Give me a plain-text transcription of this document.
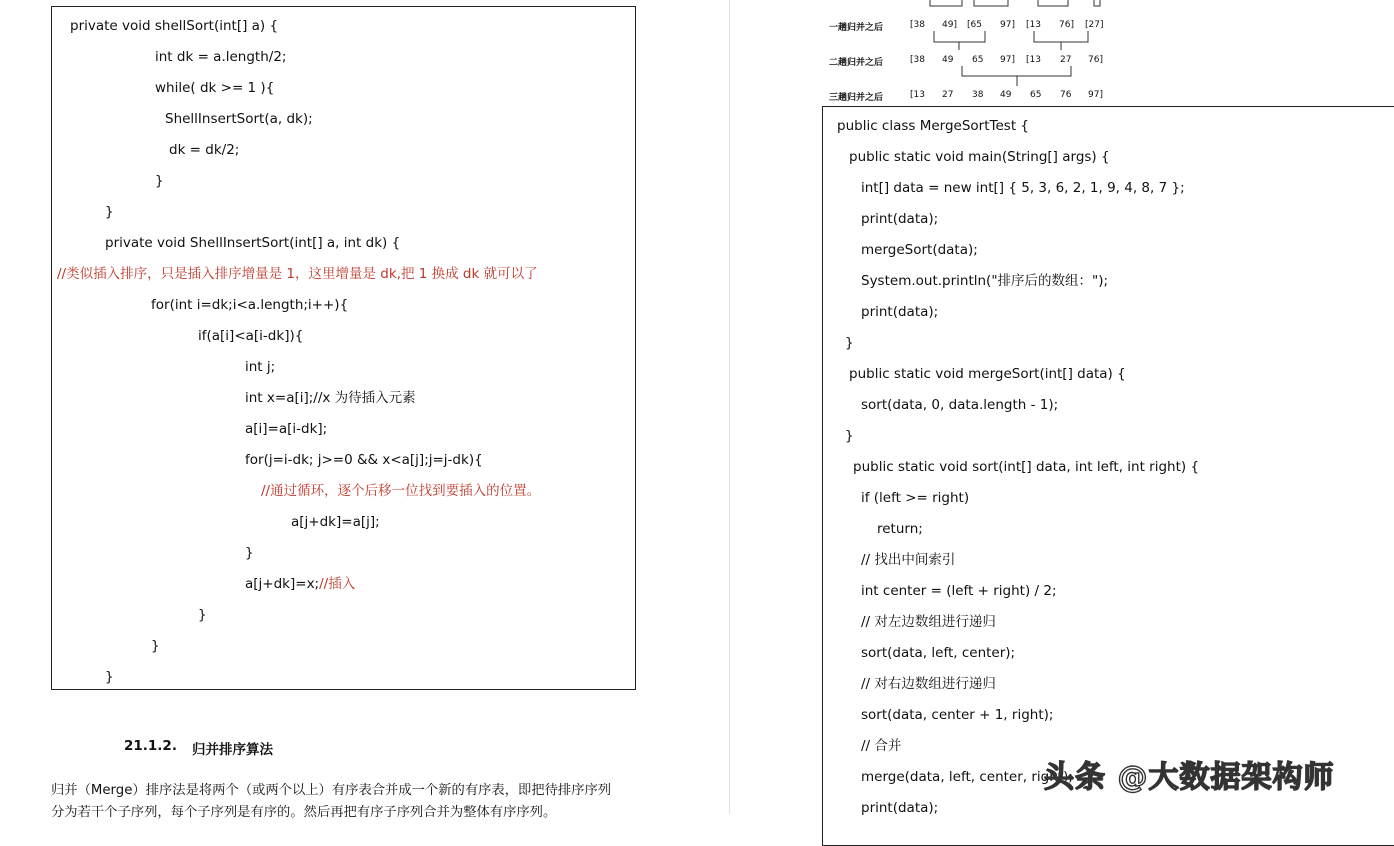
private void shellSort(int[] a) {
int dk = a.length/2;
while( dk >= 1 ){
ShellInsertSort(a, dk);
dk = dk/2;
}
}
private void ShellInsertSort(int[] a, int dk) {
//类似插入排序，只是插入排序增量是 1，这里增量是 dk,把 1 换成 dk 就可以了
for(int i=dk;i<a.length;i++){
if(a[i]<a[i-dk]){
int j;
int x=a[i];//x 为待插入元素
a[i]=a[i-dk];
for(j=i-dk; j>=0 && x<a[j];j=j-dk){
//通过循环，逐个后移一位找到要插入的位置。
a[j+dk]=a[j];
}
a[j+dk]=x;//插入
}
}
}
21.1.2. 归并排序算法
归并（Merge）排序法是将两个（或两个以上）有序表合并成一个新的有序表，即把待排序序列
分为若干个子序列，每个子序列是有序的。然后再把有序子序列合并为整体有序序列。
一趟归并之后	[38 49] [65 97] [13 76] [27]
二趟归并之后	[38 49 65 97] [13 27 76]
三趟归并之后	[13 27 38 49 65 76 97]
public class MergeSortTest {
public static void main(String[] args) {
int[] data = new int[] { 5, 3, 6, 2, 1, 9, 4, 8, 7 };
print(data);
mergeSort(data);
System.out.println("排序后的数组：");
print(data);
}
public static void mergeSort(int[] data) {
sort(data, 0, data.length - 1);
}
public static void sort(int[] data, int left, int right) {
if (left >= right)
return;
// 找出中间索引
int center = (left + right) / 2;
// 对左边数组进行递归
sort(data, left, center);
// 对右边数组进行递归
sort(data, center + 1, right);
// 合并
merge(data, left, center, right);
print(data);
头条 @大数据架构师
